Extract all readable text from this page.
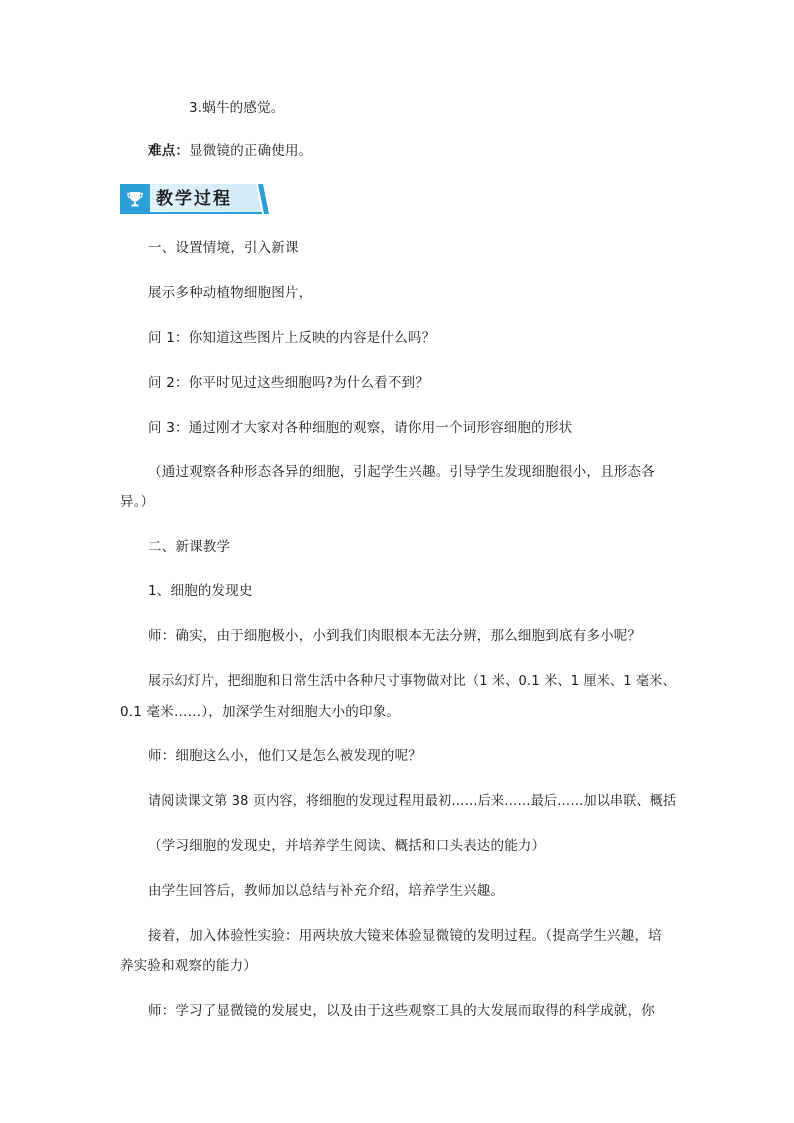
3.蜗牛的感觉。
难点：显微镜的正确使用。
教学过程
一、设置情境，引入新课
展示多种动植物细胞图片，
问 1：你知道这些图片上反映的内容是什么吗？
问 2：你平时见过这些细胞吗?为什么看不到？
问 3：通过刚才大家对各种细胞的观察，请你用一个词形容细胞的形状
（通过观察各种形态各异的细胞，引起学生兴趣。引导学生发现细胞很小，且形态各
异。）
二、新课教学
1、细胞的发现史
师：确实，由于细胞极小，小到我们肉眼根本无法分辨，那么细胞到底有多小呢？
展示幻灯片，把细胞和日常生活中各种尺寸事物做对比（1 米、0.1 米、1 厘米、1 毫米、
0.1 毫米……），加深学生对细胞大小的印象。
师：细胞这么小，他们又是怎么被发现的呢？
请阅读课文第 38 页内容，将细胞的发现过程用最初……后来……最后……加以串联、概括
（学习细胞的发现史，并培养学生阅读、概括和口头表达的能力）
由学生回答后，教师加以总结与补充介绍，培养学生兴趣。
接着，加入体验性实验：用两块放大镜来体验显微镜的发明过程。（提高学生兴趣，培
养实验和观察的能力）
师：学习了显微镜的发展史，以及由于这些观察工具的大发展而取得的科学成就，你
